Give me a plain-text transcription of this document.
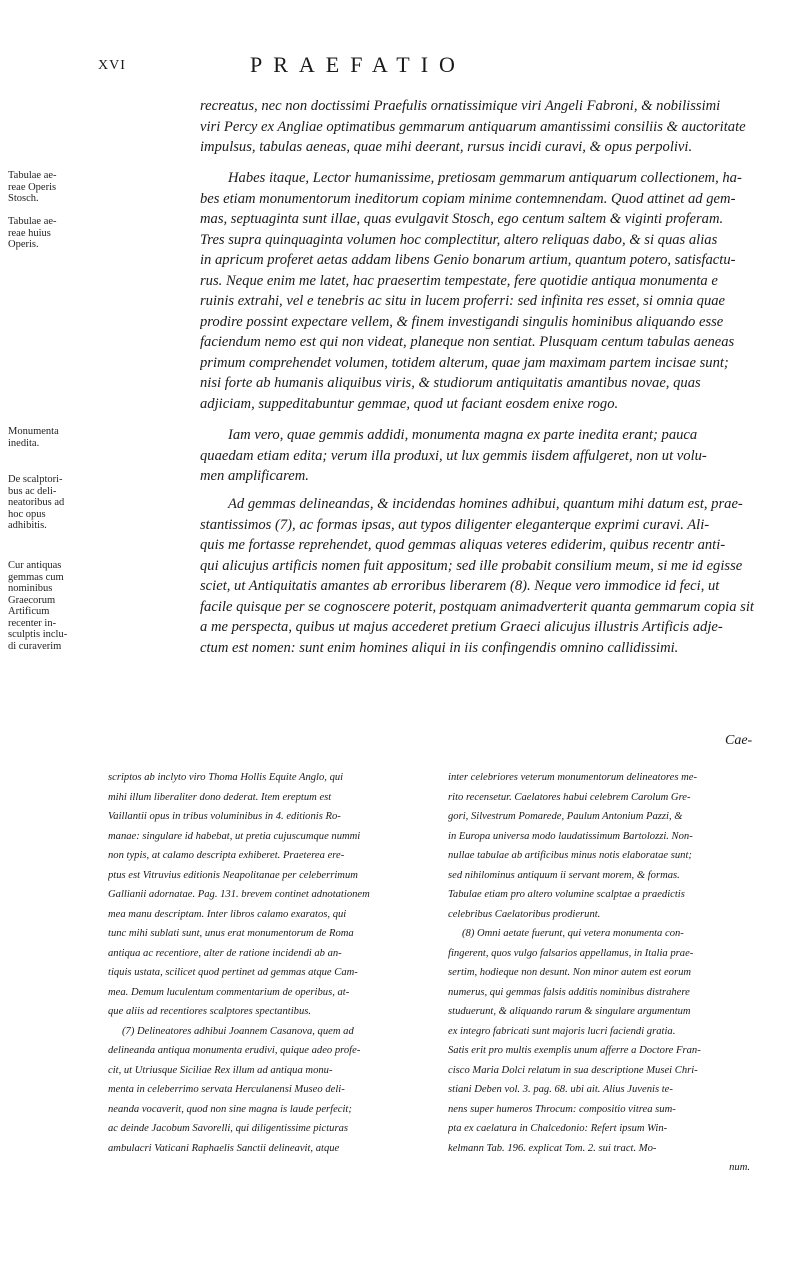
XVI	PRAEFATIO
recreatus, nec non doctissimi Praefulis ornatissimique viri Angeli Fabroni, & nobilissimi
viri Percy ex Angliae optimatibus gemmarum antiquarum amantissimi consiliis & auctoritate
impulsus, tabulas aeneas, quae mihi deerant, rursus incidi curavi, & opus perpolivi.
Habes itaque, Lector humanissime, pretiosam gemmarum antiquarum collectionem, ha-
bes etiam monumentorum ineditorum copiam minime contemnendam. Quod attinet ad gem-
mas, septuaginta sunt illae, quas evulgavit Stosch, ego centum saltem & viginti proferam.
Tres supra quinquaginta volumen hoc complectitur, altero reliquas dabo, & si quas alias
in apricum proferet aetas addam libens Genio bonarum artium, quantum potero, satisfactu-
rus. Neque enim me latet, hac praesertim tempestate, fere quotidie antiqua monumenta e
ruinis extrahi, vel e tenebris ac situ in lucem proferri: sed infinita res esset, si omnia quae
prodire possint expectare vellem, & finem investigandi singulis hominibus aliquando esse
faciendum nemo est qui non videat, planeque non sentiat. Plusquam centum tabulas aeneas
primum comprehendet volumen, totidem alterum, quae jam maximam partem incisae sunt;
nisi forte ab humanis aliquibus viris, & studiorum antiquitatis amantibus novae, quas
adjiciam, suppeditabuntur gemmae, quod ut faciant eosdem enixe rogo.
Iam vero, quae gemmis addidi, monumenta magna ex parte inedita erant; pauca
quaedam etiam edita; verum illa produxi, ut lux gemmis iisdem affulgeret, non ut volu-
men amplificarem.
Ad gemmas delineandas, & incidendas homines adhibui, quantum mihi datum est, prae-
stantissimos (7), ac formas ipsas, aut typos diligenter eleganterque exprimi curavi. Ali-
quis me fortasse reprehendet, quod gemmas aliquas veteres ediderim, quibus recentr anti-
qui alicujus artificis nomen fuit appositum; sed ille probabit consilium meum, si me id egisse
sciet, ut Antiquitatis amantes ab erroribus liberarem (8). Neque vero immodice id feci, ut
facile quisque per se cognoscere poterit, postquam animadverterit quanta gemmarum copia sit
a me perspecta, quibus ut majus accederet pretium Graeci alicujus illustris Artificis adje-
ctum est nomen: sunt enim homines aliqui in iis confingendis omnino callidissimi.
Tabulae ae- reae Operis Stosch.
Tabulae ae- reae huius Operis.
Monumenta inedita.
De scalptori- bus ac deli- neatoribus ad hoc opus adhibitis.
Cur antiquas gemmas cum nominibus Graecorum Artificum recenter in- sculptis inclu- di curaverim
Cae-
scriptos ab inclyto viro Thoma Hollis Equite Anglo, qui
mihi illum liberaliter dono dederat. Item ereptum est
Vaillantii opus in tribus voluminibus in 4. editionis Ro-
manae: singulare id habebat, ut pretia cujuscumque nummi
non typis, at calamo descripta exhiberet. Praeterea ere-
ptus est Vitruvius editionis Neapolitanae per celeberrimum
Gallianii adornatae. Pag. 131. brevem continet adnotationem
mea manu descriptam. Inter libros calamo exaratos, qui
tunc mihi sublati sunt, unus erat monumentorum de Roma
antiqua ac recentiore, alter de ratione incidendi ab an-
tiquis ustata, scilicet quod pertinet ad gemmas atque Cam-
mea. Demum luculentum commentarium de operibus, at-
que aliis ad recentiores scalptores spectantibus.
(7) Delineatores adhibui Joannem Casanova, quem ad
delineanda antiqua monumenta erudivi, quique adeo profe-
cit, ut Utriusque Siciliae Rex illum ad antiqua monu-
menta in celeberrimo servata Herculanensi Museo deli-
neanda vocaverit, quod non sine magna is laude perfecit;
ac deinde Jacobum Savorelli, qui diligentissime picturas
ambulacri Vaticani Raphaelis Sanctii delineavit, atque
inter celebriores veterum monumentorum delineatores me-
rito recensetur. Caelatores habui celebrem Carolum Gre-
gori, Silvestrum Pomarede, Paulum Antonium Pazzi, &
in Europa universa modo laudatissimum Bartolozzi. Non-
nullae tabulae ab artificibus minus notis elaboratae sunt;
sed nihilominus antiquum ii servant morem, & formas.
Tabulae etiam pro altero volumine scalptae a praedictis
celebribus Caelatoribus prodierunt.
(8) Omni aetate fuerunt, qui vetera monumenta con-
fingerent, quos vulgo falsarios appellamus, in Italia prae-
sertim, hodieque non desunt. Non minor autem est eorum
numerus, qui gemmas falsis additis nominibus distrahere
studuerunt, & aliquando rarum & singulare argumentum
ex integro fabricati sunt majoris lucri faciendi gratia.
Satis erit pro multis exemplis unum afferre a Doctore Fran-
cisco Maria Dolci relatum in sua descriptione Musei Chri-
stiani Deben vol. 3. pag. 68. ubi ait. Alius Juvenis te-
nens super humeros Throcum: compositio vitrea sum-
pta ex caelatura in Chalcedonio: Refert ipsum Win-
kelmann Tab. 196. explicat Tom. 2. sui tract. Mo-
num.
